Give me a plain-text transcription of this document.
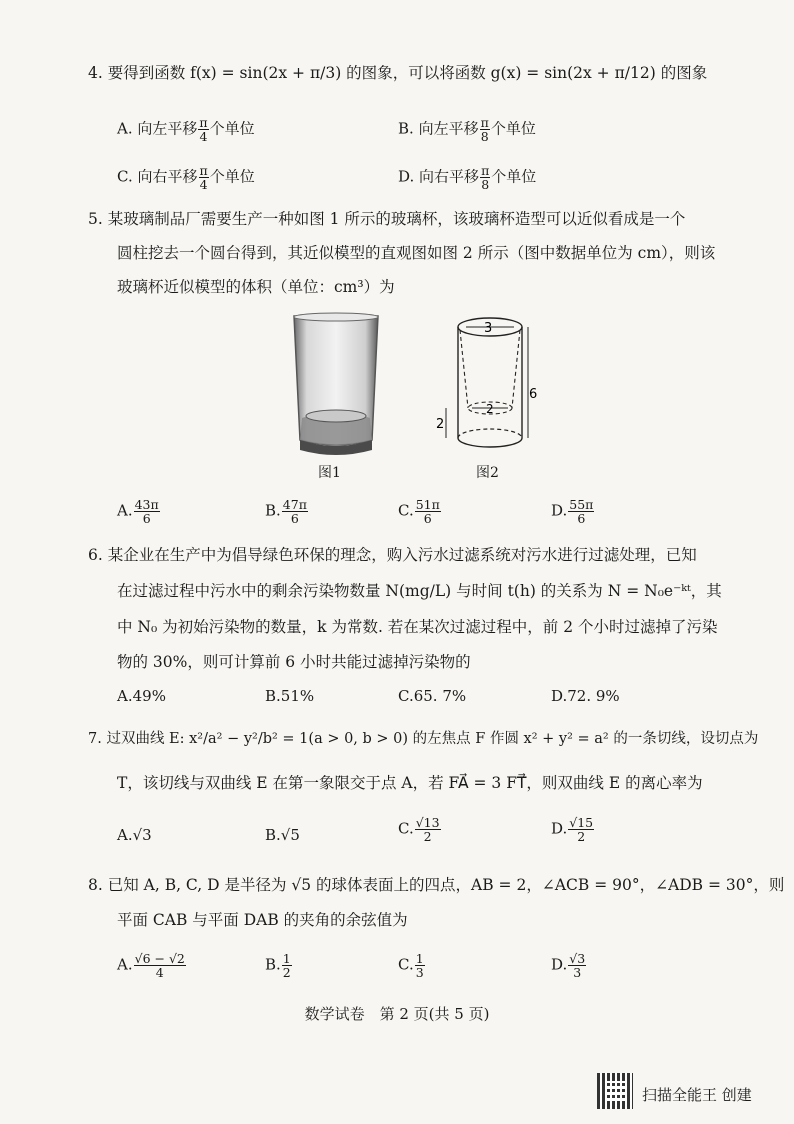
4. 要得到函数 f(x) = sin(2x + π/3) 的图象，可以将函数 g(x) = sin(2x + π/12) 的图象
A. 向左平移 $\frac{\pi}{4}$ 个单位	B. 向左平移 $\frac{\pi}{8}$ 个单位
C. 向右平移 $\frac{\pi}{4}$ 个单位	D. 向右平移 $\frac{\pi}{8}$ 个单位
5. 某玻璃制品厂需要生产一种如图 1 所示的玻璃杯，该玻璃杯造型可以近似看成是一个
圆柱挖去一个圆台得到，其近似模型的直观图如图 2 所示（图中数据单位为 cm），则该
玻璃杯近似模型的体积（单位：cm³）为
图1
3
2
6
2
图2
A. $\frac{43\pi}{6}$	B. $\frac{47\pi}{6}$	C. $\frac{51\pi}{6}$	D. $\frac{55\pi}{6}$
6. 某企业在生产中为倡导绿色环保的理念，购入污水过滤系统对污水进行过滤处理，已知
在过滤过程中污水中的剩余污染物数量 N(mg/L) 与时间 t(h) 的关系为 N = N₀e⁻ᵏᵗ，其
中 N₀ 为初始污染物的数量，k 为常数. 若在某次过滤过程中，前 2 个小时过滤掉了污染
物的 30%，则可计算前 6 小时共能过滤掉污染物的
A.49%	B.51%	C.65. 7%	D.72. 9%
7. 过双曲线 E: x²/a² − y²/b² = 1(a > 0, b > 0) 的左焦点 F 作圆 x² + y² = a² 的一条切线，设切点为
T，该切线与双曲线 E 在第一象限交于点 A，若 FA⃗ = 3 FT⃗，则双曲线 E 的离心率为
A.√3	B.√5	C. $\frac{√13}{2}$	D. $\frac{√15}{2}$
8. 已知 A, B, C, D 是半径为 √5 的球体表面上的四点，AB = 2，∠ACB = 90°，∠ADB = 30°，则
平面 CAB 与平面 DAB 的夹角的余弦值为
A. $\frac{√6 - √2}{4}$	B. $\frac{1}{2}$	C. $\frac{1}{3}$	D. $\frac{√3}{3}$
数学试卷　第 2 页(共 5 页)
扫描全能王 创建
